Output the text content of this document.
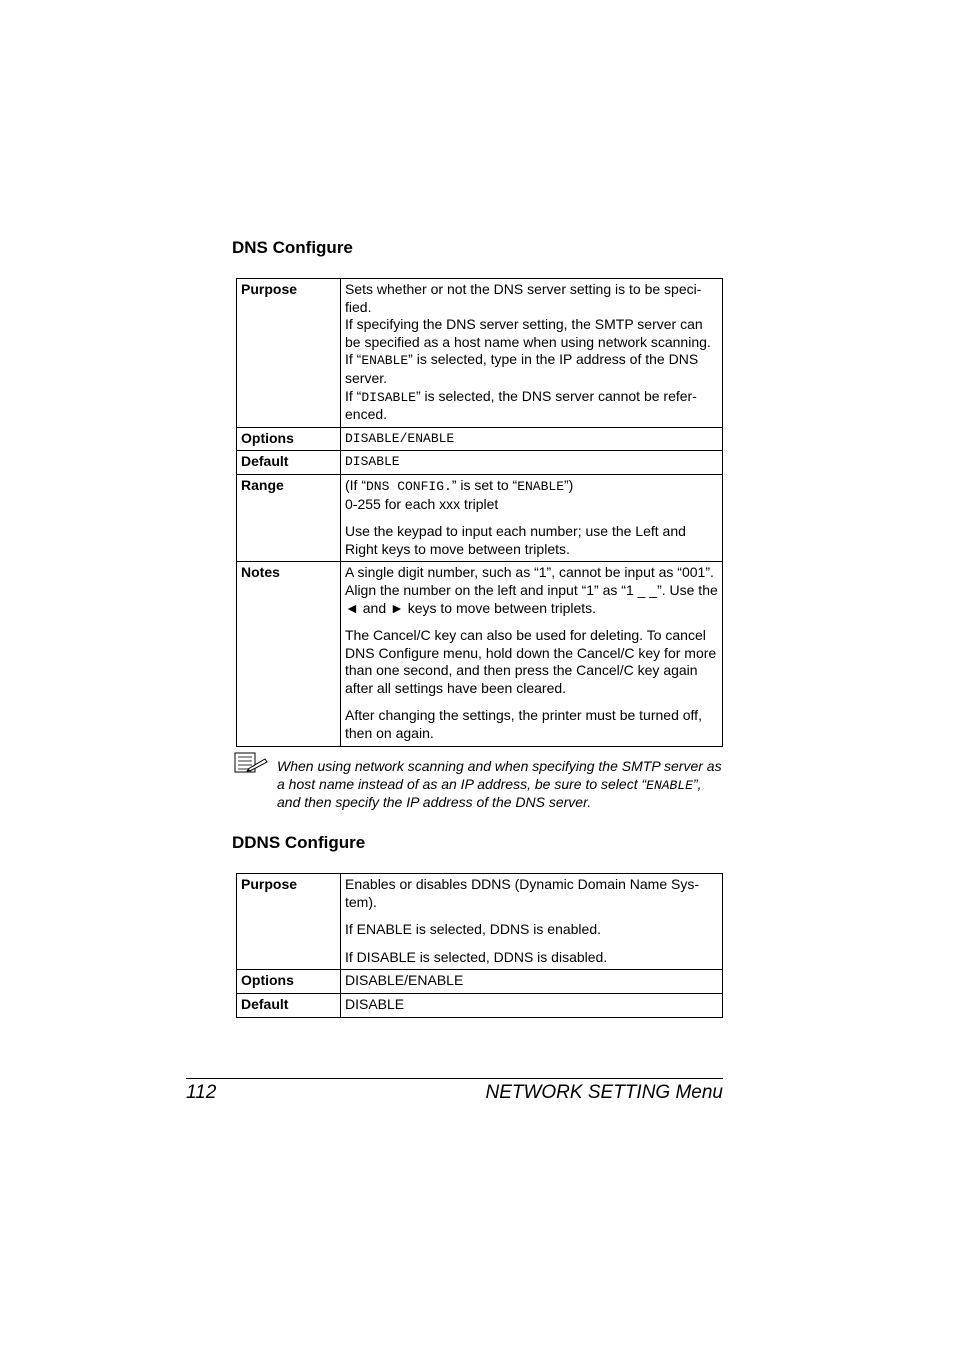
DNS Configure
Purpose	Sets whether or not the DNS server setting is to be speci-fied.
If specifying the DNS server setting, the SMTP server can be specified as a host name when using network scanning.
If “ENABLE” is selected, type in the IP address of the DNS server.
If “DISABLE” is selected, the DNS server cannot be refer-enced.

Options	DISABLE/ENABLE
Default	DISABLE
Range	(If “DNS CONFIG.” is set to “ENABLE”)
0-255 for each xxx triplet
Use the keypad to input each number; use the Left and Right keys to move between triplets.

Notes	A single digit number, such as “1”, cannot be input as “001”. Align the number on the left and input “1” as “1 _ _”. Use the ◄ and ► keys to move between triplets.
The Cancel/C key can also be used for deleting. To cancel DNS Configure menu, hold down the Cancel/C key for more than one second, and then press the Cancel/C key again after all settings have been cleared.
After changing the settings, the printer must be turned off, then on again.
When using network scanning and when specifying the SMTP server as a host name instead of as an IP address, be sure to select “ENABLE”, and then specify the IP address of the DNS server.
DDNS Configure
Purpose	Enables or disables DDNS (Dynamic Domain Name Sys-tem).
If ENABLE is selected, DDNS is enabled.
If DISABLE is selected, DDNS is disabled.

Options	DISABLE/ENABLE
Default	DISABLE
112	NETWORK SETTING Menu
